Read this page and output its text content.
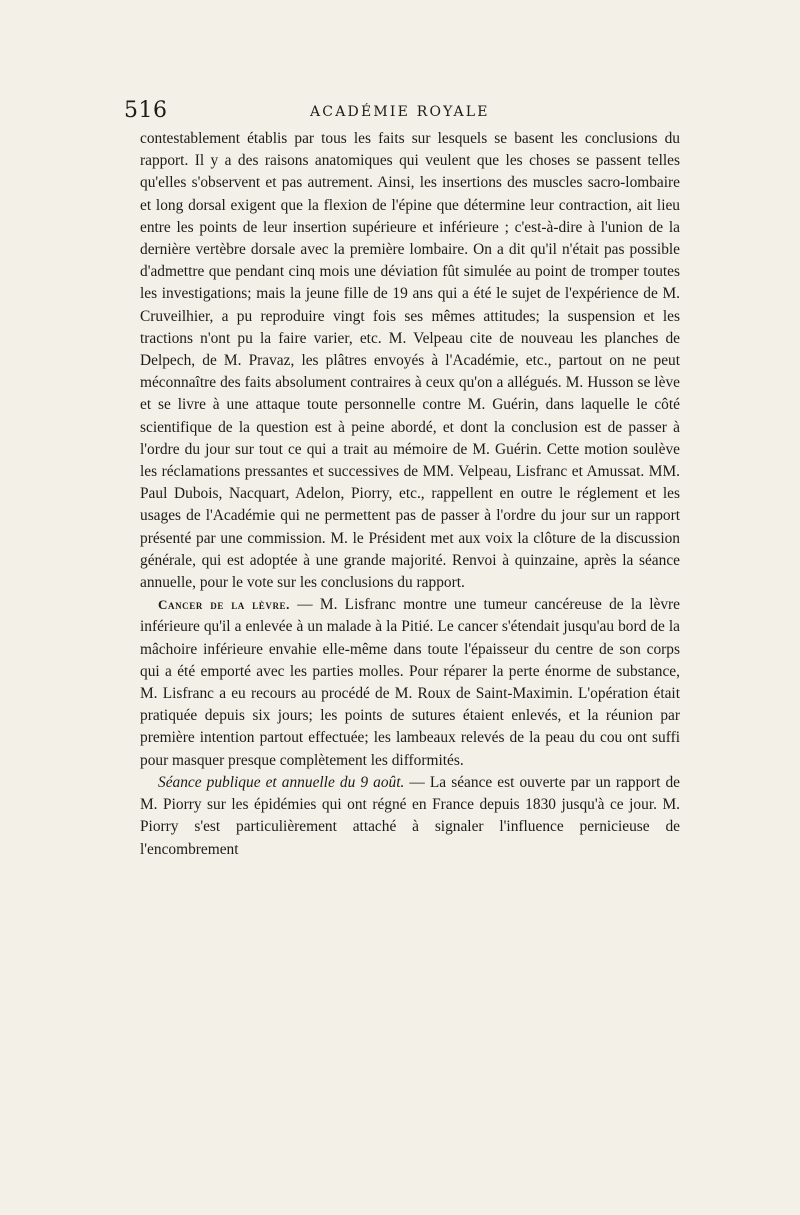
516	ACADÉMIE ROYALE

contestablement établis par tous les faits sur lesquels se basent les conclusions du rapport. Il y a des raisons anatomiques qui veulent que les choses se passent telles qu'elles s'observent et pas autrement. Ainsi, les insertions des muscles sacro-lombaire et long dorsal exigent que la flexion de l'épine que détermine leur contraction, ait lieu entre les points de leur insertion supérieure et inférieure ; c'est-à-dire à l'union de la dernière vertèbre dorsale avec la première lombaire. On a dit qu'il n'était pas possible d'admettre que pendant cinq mois une déviation fût simulée au point de tromper toutes les investigations; mais la jeune fille de 19 ans qui a été le sujet de l'expérience de M. Cruveilhier, a pu reproduire vingt fois ses mêmes attitudes; la suspension et les tractions n'ont pu la faire varier, etc. M. Velpeau cite de nouveau les planches de Delpech, de M. Pravaz, les plâtres envoyés à l'Académie, etc., partout on ne peut méconnaître des faits absolument contraires à ceux qu'on a allégués. M. Husson se lève et se livre à une attaque toute personnelle contre M. Guérin, dans laquelle le côté scientifique de la question est à peine abordé, et dont la conclusion est de passer à l'ordre du jour sur tout ce qui a trait au mémoire de M. Guérin. Cette motion soulève les réclamations pressantes et successives de MM. Velpeau, Lisfranc et Amussat. MM. Paul Dubois, Nacquart, Adelon, Piorry, etc., rappellent en outre le réglement et les usages de l'Académie qui ne permettent pas de passer à l'ordre du jour sur un rapport présenté par une commission. M. le Président met aux voix la clôture de la discussion générale, qui est adoptée à une grande majorité. Renvoi à quinzaine, après la séance annuelle, pour le vote sur les conclusions du rapport.

Cancer de la lèvre. — M. Lisfranc montre une tumeur cancéreuse de la lèvre inférieure qu'il a enlevée à un malade à la Pitié. Le cancer s'étendait jusqu'au bord de la mâchoire inférieure envahie elle-même dans toute l'épaisseur du centre de son corps qui a été emporté avec les parties molles. Pour réparer la perte énorme de substance, M. Lisfranc a eu recours au procédé de M. Roux de Saint-Maximin. L'opération était pratiquée depuis six jours; les points de sutures étaient enlevés, et la réunion par première intention partout effectuée; les lambeaux relevés de la peau du cou ont suffi pour masquer presque complètement les difformités.

Séance publique et annuelle du 9 août. — La séance est ouverte par un rapport de M. Piorry sur les épidémies qui ont régné en France depuis 1830 jusqu'à ce jour. M. Piorry s'est particulièrement attaché à signaler l'influence pernicieuse de l'encombrement
